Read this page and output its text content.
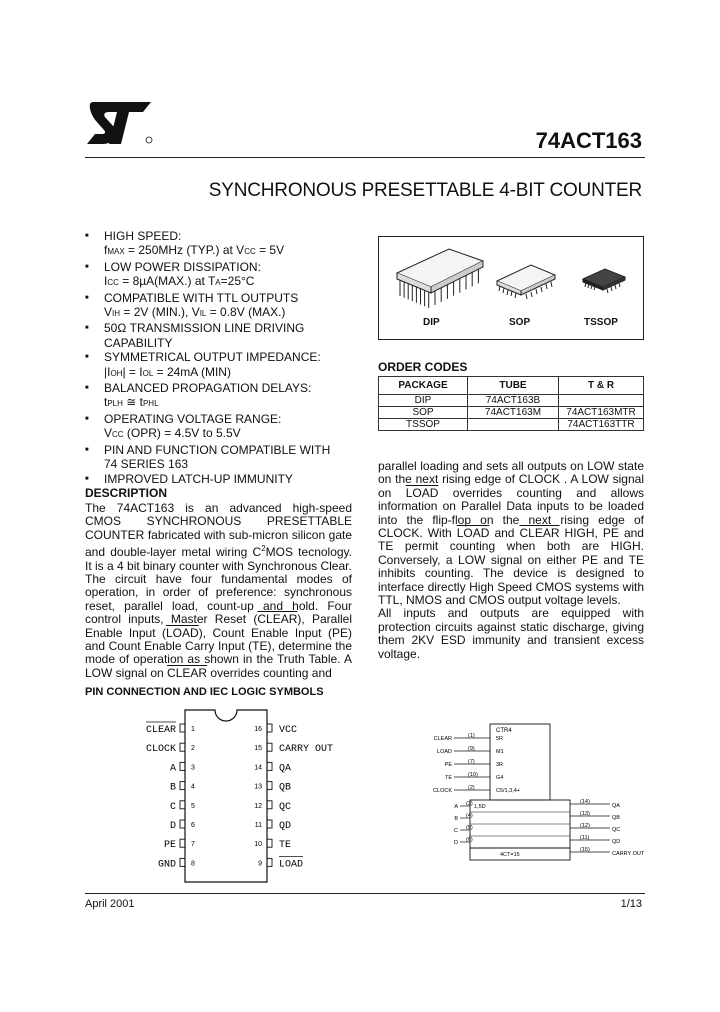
74ACT163
SYNCHRONOUS PRESETTABLE 4-BIT COUNTER
■ HIGH SPEED:
fMAX = 250MHz (TYP.) at VCC = 5V
■ LOW POWER DISSIPATION:
ICC = 8µA(MAX.) at TA=25°C
■ COMPATIBLE WITH TTL OUTPUTS
VIH = 2V (MIN.), VIL = 0.8V (MAX.)
■ 50Ω TRANSMISSION LINE DRIVING
CAPABILITY
■ SYMMETRICAL OUTPUT IMPEDANCE:
|IOH| = IOL = 24mA (MIN)
■ BALANCED PROPAGATION DELAYS:
tPLH ≅ tPHL
■ OPERATING VOLTAGE RANGE:
VCC (OPR) = 4.5V to 5.5V
■ PIN AND FUNCTION COMPATIBLE WITH
74 SERIES 163
■ IMPROVED LATCH-UP IMMUNITY
DIP	SOP	TSSOP
ORDER CODES
PACKAGE	TUBE	T & R
DIP	74ACT163B	
SOP	74ACT163M	74ACT163MTR
TSSOP		74ACT163TTR
DESCRIPTION

The 74ACT163 is an advanced high-speed CMOS SYNCHRONOUS PRESETTABLE COUNTER fabricated with sub-micron silicon gate and double-layer metal wiring $C^2MOS$ tecnology. It is a 4 bit binary counter with Synchronous Clear.
The circuit have four fundamental modes of operation, in order of preference: synchronous reset, parallel load, count-up and hold. Four control inputs, Master Reset (CLEAR), Parallel Enable Input (LOAD), Count Enable Input (PE) and Count Enable Carry Input (TE), determine the mode of operation as shown in the Truth Table. A LOW signal on CLEAR overrides counting and

parallel loading and sets all outputs on LOW state on the next rising edge of CLOCK . A LOW signal on LOAD overrides counting and allows information on Parallel Data inputs to be loaded into the flip-flop on the next rising edge of CLOCK. With LOAD and CLEAR HIGH, PE and TE permit counting when both are HIGH. Conversely, a LOW signal on either PE and TE inhibits counting. The device is designed to interface directly High Speed CMOS systems with TTL, NMOS and CMOS output voltage levels.
All inputs and outputs are equipped with protection circuits against static discharge, giving them 2KV ESD immunity and transient excess voltage.

PIN CONNECTION AND IEC LOGIC SYMBOLS
1
CLEAR
2
CLOCK
3
A
4
B
5
C
6
D
7
PE
8
GND
16 VCC
15 CARRY OUT
14 QA
13 QB
12 QC
11 QD
10 TE
9 LOAD
CTR4
CLEAR	(1)	5R
LOAD	(9)	M1
PE	(7)	3R
TE	(10)	G4
CLOCK	(2)	C5/1,3,4+
A (3)
B (4)
C (5)
D (6)
1,5D
4CT=15
(14)
QA
(13)
QB
(12)
QC
(11)
QD
(15)
CARRY OUT
April 2001	1/13
